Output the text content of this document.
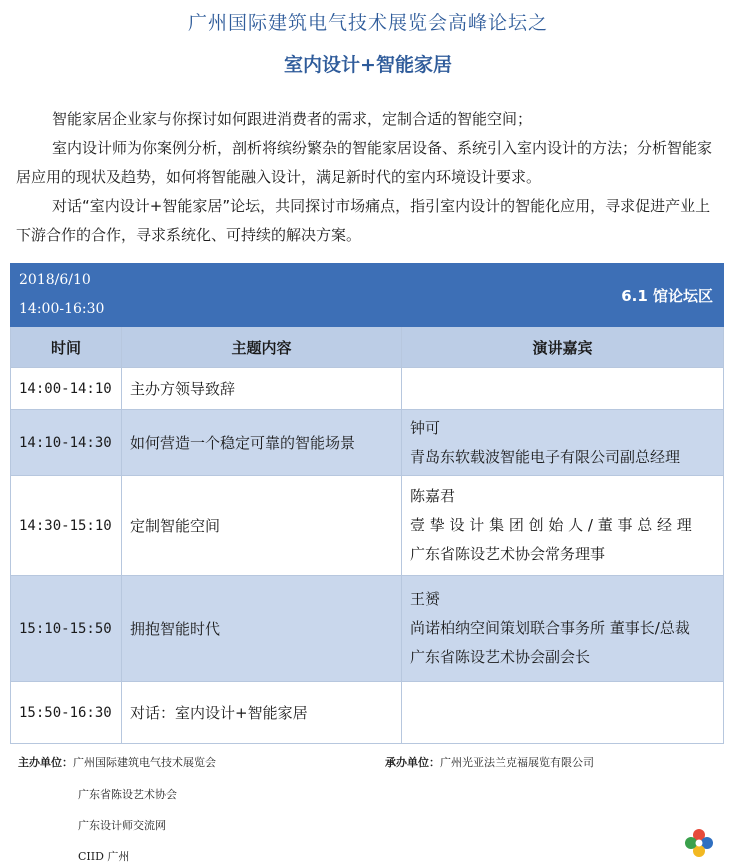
广州国际建筑电气技术展览会高峰论坛之
室内设计+智能家居

智能家居企业家与你探讨如何跟进消费者的需求，定制合适的智能空间；

室内设计师为你案例分析，剖析将缤纷繁杂的智能家居设备、系统引入室内设计的方法；分析智能家居应用的现状及趋势，如何将智能融入设计，满足新时代的室内环境设计要求。

对话“室内设计+智能家居”论坛，共同探讨市场痛点，指引室内设计的智能化应用，寻求促进产业上下游合作的合作，寻求系统化、可持续的解决方案。

2018/6/10
14:00-16:30	6.1 馆论坛区	
时间	主题内容	演讲嘉宾
14:00-14:10	主办方领导致辞	
14:10-14:30	如何营造一个稳定可靠的智能场景	钟可
青岛东软载波智能电子有限公司副总经理

14:30-15:10	定制智能空间	陈嘉君
壹 挚 设 计 集 团 创 始 人 / 董 事 总 经 理
广东省陈设艺术协会常务理事

15:10-15:50	拥抱智能时代	王赟
尚诺柏纳空间策划联合事务所 董事长/总裁
广东省陈设艺术协会副会长

15:50-16:30	对话：室内设计+智能家居	
主办单位：广州国际建筑电气技术展览会
广东省陈设艺术协会
广东设计师交流网
CIID 广州
承办单位：广州光亚法兰克福展览有限公司
